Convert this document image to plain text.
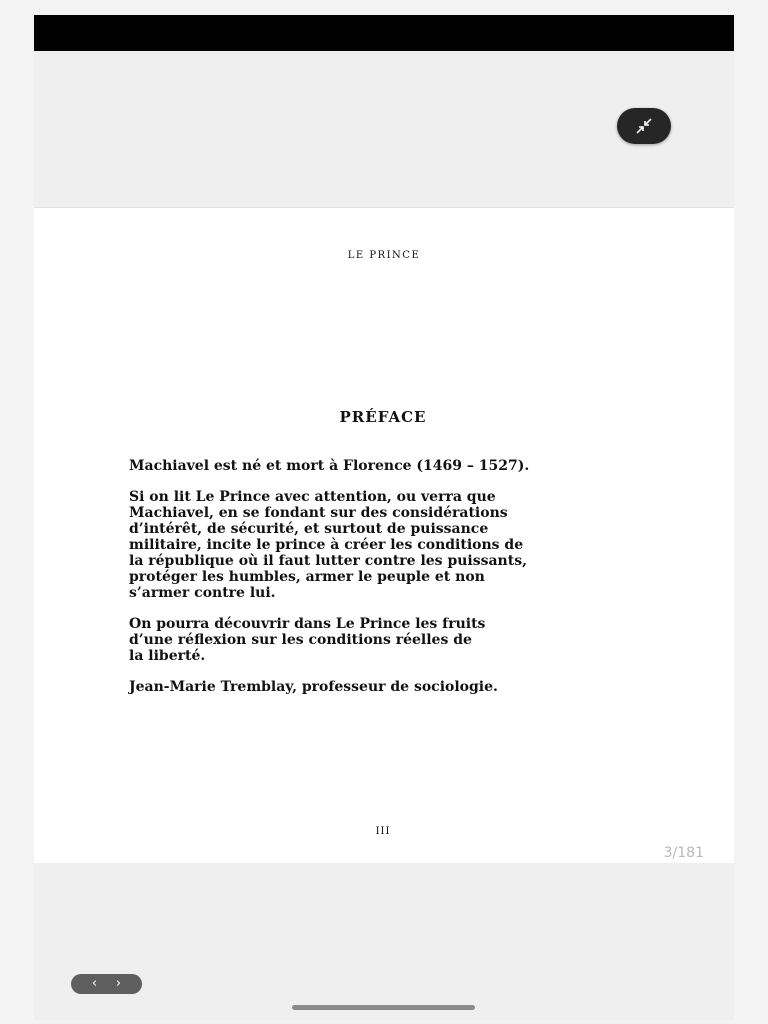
LE PRINCE
PRÉFACE

Machiavel est né et mort à Florence (1469 – 1527).

Si on lit Le Prince avec attention, ou verra que
Machiavel, en se fondant sur des considérations
d’intérêt, de sécurité, et surtout de puissance
militaire, incite le prince à créer les conditions de
la république où il faut lutter contre les puissants,
protéger les humbles, armer le peuple et non
s’armer contre lui.

On pourra découvrir dans Le Prince les fruits
d’une réflexion sur les conditions réelles de
la liberté.

Jean-Marie Tremblay, professeur de sociologie.

III
‹	›
3/181
